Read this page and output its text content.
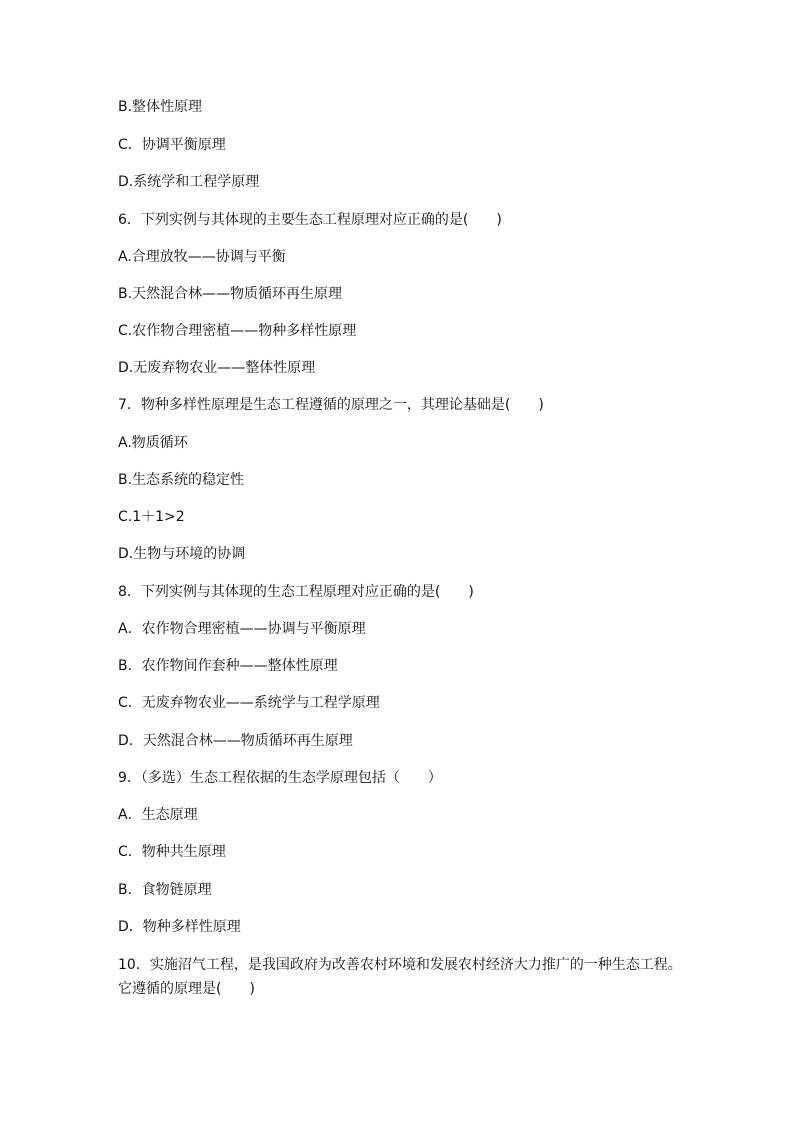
B.整体性原理
C．协调平衡原理
D.系统学和工程学原理
6．下列实例与其体现的主要生态工程原理对应正确的是(　　)
A.合理放牧——协调与平衡
B.天然混合林——物质循环再生原理
C.农作物合理密植——物种多样性原理
D.无废弃物农业——整体性原理
7．物种多样性原理是生态工程遵循的原理之一，其理论基础是(　　)
A.物质循环
B.生态系统的稳定性
C.1＋1>2
D.生物与环境的协调
8．下列实例与其体现的生态工程原理对应正确的是(　　)
A．农作物合理密植——协调与平衡原理
B．农作物间作套种——整体性原理
C．无废弃物农业——系统学与工程学原理
D．天然混合林——物质循环再生原理
9．（多选）生态工程依据的生态学原理包括（　　）
A．生态原理
C．物种共生原理
B．食物链原理
D．物种多样性原理
10．实施沼气工程，是我国政府为改善农村环境和发展农村经济大力推广的一种生态工程。它遵循的原理是(　　)
